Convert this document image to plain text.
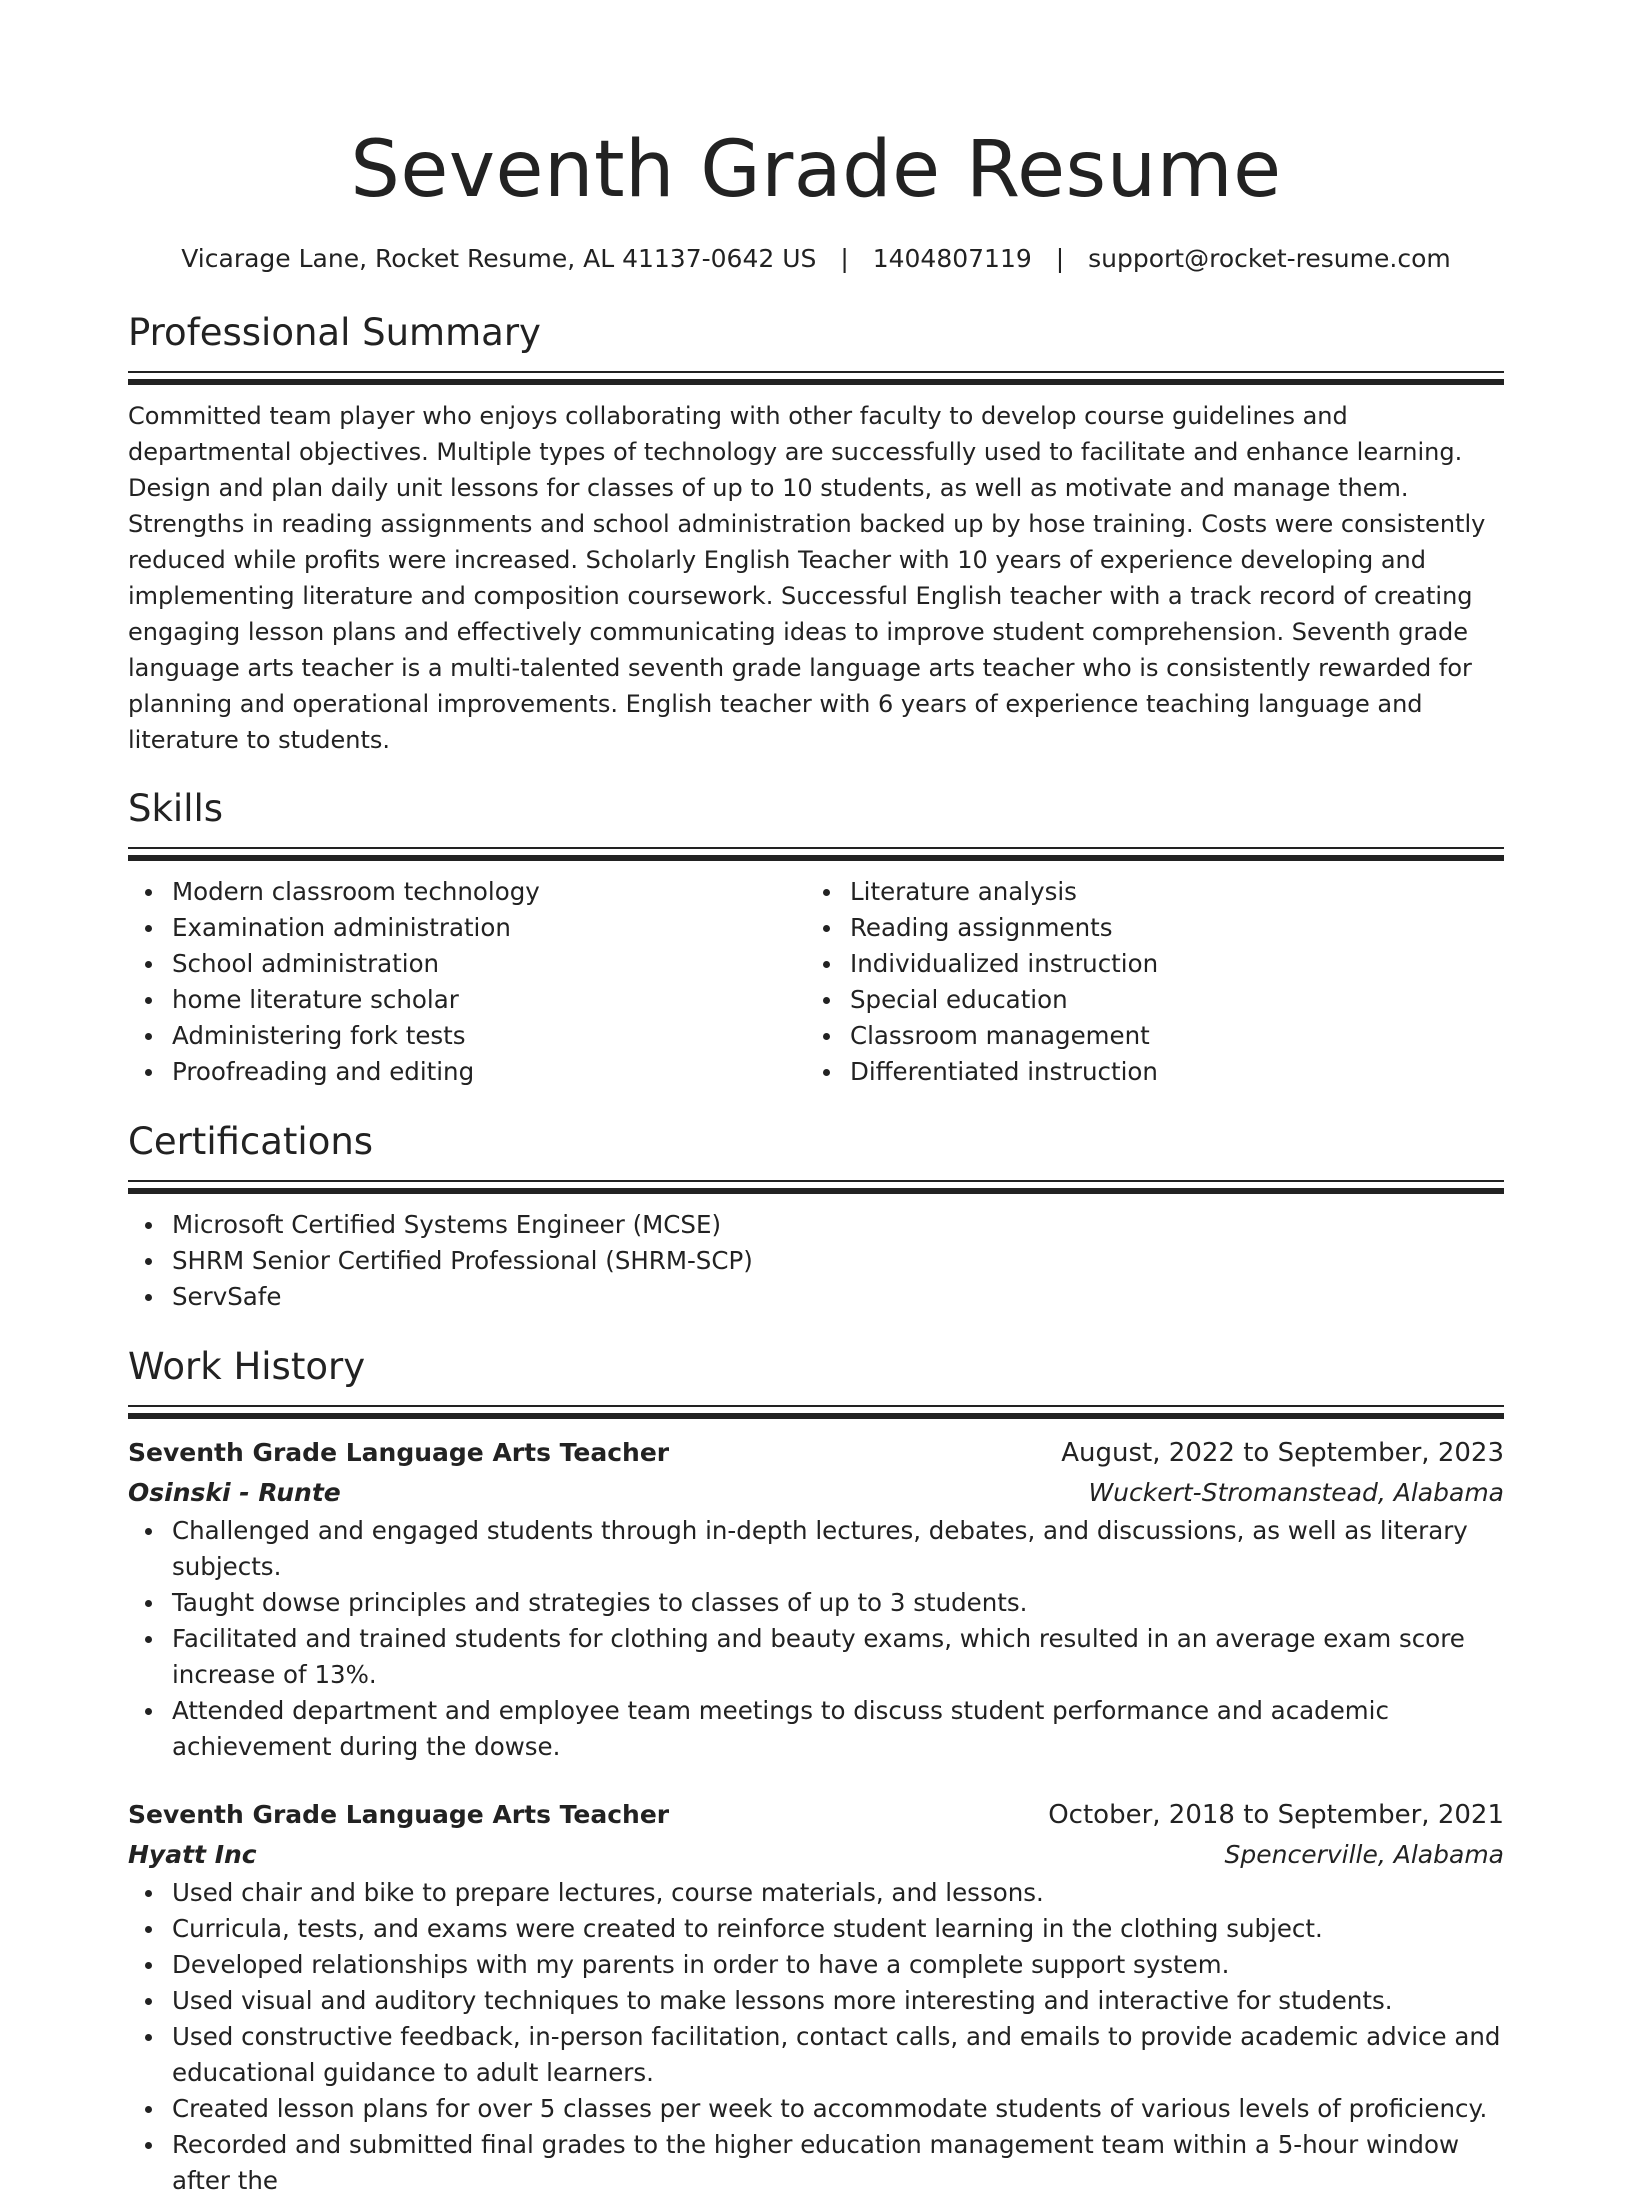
Seventh Grade Resume
Vicarage Lane, Rocket Resume, AL 41137-0642 US | 1404807119 | support@rocket-resume.com
Professional Summary

Committed team player who enjoys collaborating with other faculty to develop course guidelines and departmental objectives. Multiple types of technology are successfully used to facilitate and enhance learning. Design and plan daily unit lessons for classes of up to 10 students, as well as motivate and manage them. Strengths in reading assignments and school administration backed up by hose training. Costs were consistently reduced while profits were increased. Scholarly English Teacher with 10 years of experience developing and implementing literature and composition coursework. Successful English teacher with a track record of creating engaging lesson plans and effectively communicating ideas to improve student comprehension. Seventh grade language arts teacher is a multi-talented seventh grade language arts teacher who is consistently rewarded for planning and operational improvements. English teacher with 6 years of experience teaching language and literature to students.

Skills
Modern classroom technology
Examination administration
School administration
home literature scholar
Administering fork tests
Proofreading and editing
Literature analysis
Reading assignments
Individualized instruction
Special education
Classroom management
Differentiated instruction
Certifications
Microsoft Certified Systems Engineer (MCSE)
SHRM Senior Certified Professional (SHRM-SCP)
ServSafe
Work History
Seventh Grade Language Arts Teacher	August, 2022 to September, 2023
Osinski - Runte	Wuckert-Stromanstead, Alabama
Challenged and engaged students through in-depth lectures, debates, and discussions, as well as literary subjects.
Taught dowse principles and strategies to classes of up to 3 students.
Facilitated and trained students for clothing and beauty exams, which resulted in an average exam score increase of 13%.
Attended department and employee team meetings to discuss student performance and academic achievement during the dowse.
Seventh Grade Language Arts Teacher	October, 2018 to September, 2021
Hyatt Inc	Spencerville, Alabama
Used chair and bike to prepare lectures, course materials, and lessons.
Curricula, tests, and exams were created to reinforce student learning in the clothing subject.
Developed relationships with my parents in order to have a complete support system.
Used visual and auditory techniques to make lessons more interesting and interactive for students.
Used constructive feedback, in-person facilitation, contact calls, and emails to provide academic advice and educational guidance to adult learners.
Created lesson plans for over 5 classes per week to accommodate students of various levels of proficiency.
Recorded and submitted final grades to the higher education management team within a 5-hour window after the
